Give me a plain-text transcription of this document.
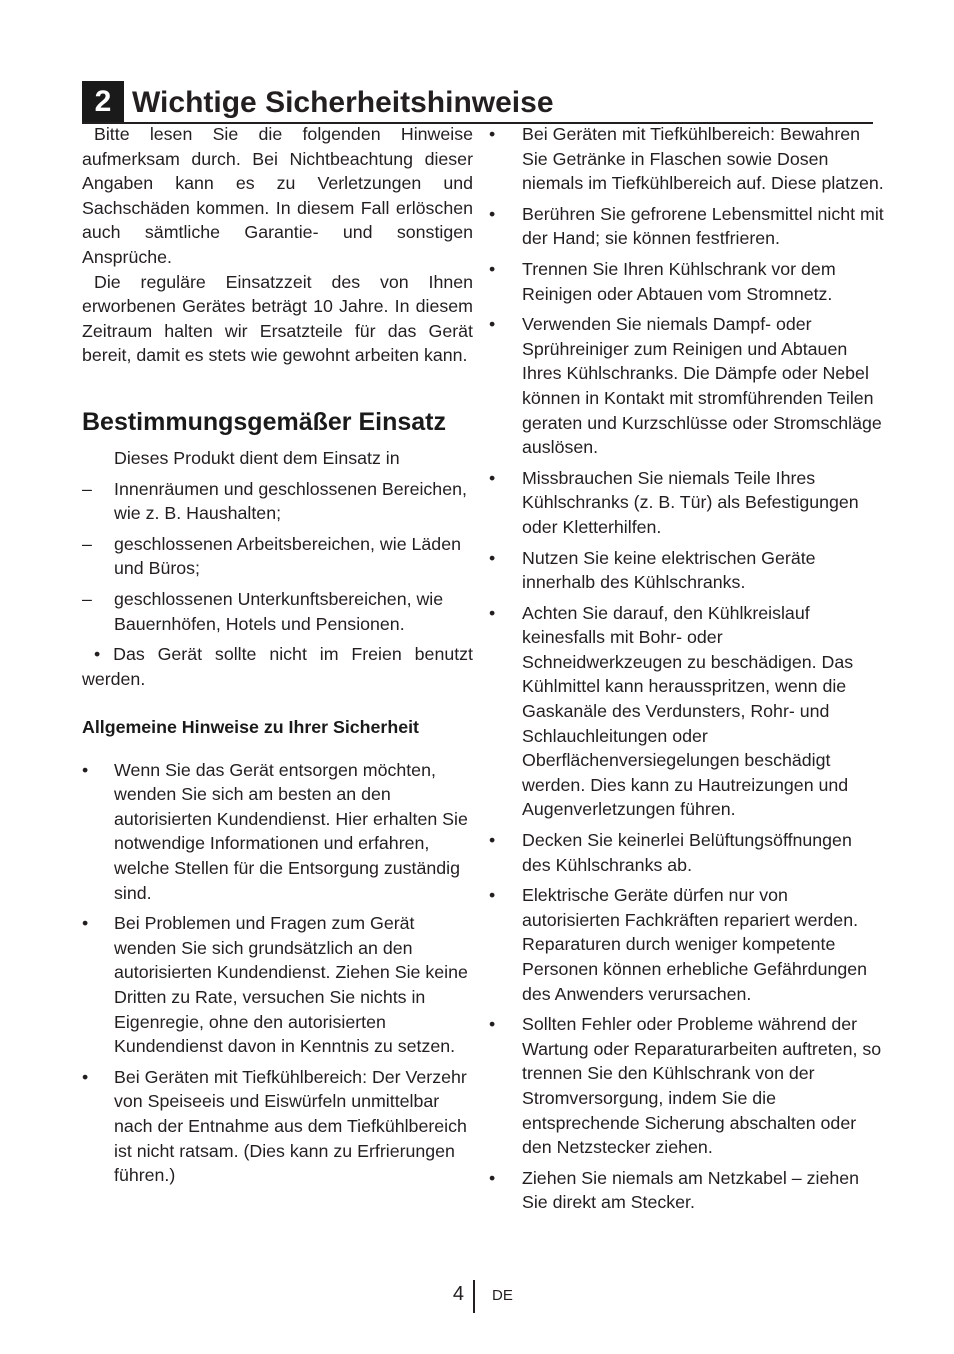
2 Wichtige Sicherheitshinweise

Bitte lesen Sie die folgenden Hinweise aufmerksam durch. Bei Nichtbeachtung dieser Angaben kann es zu Verletzungen und Sachschäden kommen. In diesem Fall erlöschen auch sämtliche Garantie- und sonstigen Ansprüche.

Die reguläre Einsatzzeit des von Ihnen erworbenen Gerätes beträgt 10 Jahre. In diesem Zeitraum halten wir Ersatzteile für das Gerät bereit, damit es stets wie gewohnt arbeiten kann.

Bestimmungsgemäßer Einsatz

Dieses Produkt dient dem Einsatz in

–	Innenräumen und geschlossenen Bereichen, wie z. B. Haushalten;
–	geschlossenen Arbeitsbereichen, wie Läden und Büros;
–	geschlossenen Unterkunftsbereichen, wie Bauernhöfen, Hotels und Pensionen.

• Das Gerät sollte nicht im Freien benutzt werden.

Allgemeine Hinweise zu Ihrer Sicherheit
•	Wenn Sie das Gerät entsorgen möchten, wenden Sie sich am besten an den autorisierten Kundendienst. Hier erhalten Sie notwendige Informationen und erfahren, welche Stellen für die Entsorgung zuständig sind.
•	Bei Problemen und Fragen zum Gerät wenden Sie sich grundsätzlich an den autorisierten Kundendienst. Ziehen Sie keine Dritten zu Rate, versuchen Sie nichts in Eigenregie, ohne den autorisierten Kundendienst davon in Kenntnis zu setzen.
•	Bei Geräten mit Tiefkühlbereich: Der Verzehr von Speiseeis und Eiswürfeln unmittelbar nach der Entnahme aus dem Tiefkühlbereich ist nicht ratsam. (Dies kann zu Erfrierungen führen.)
•	Bei Geräten mit Tiefkühlbereich: Bewahren Sie Getränke in Flaschen sowie Dosen niemals im Tiefkühlbereich auf. Diese platzen.
•	Berühren Sie gefrorene Lebensmittel nicht mit der Hand; sie können festfrieren.
•	Trennen Sie Ihren Kühlschrank vor dem Reinigen oder Abtauen vom Stromnetz.
•	Verwenden Sie niemals Dampf- oder Sprühreiniger zum Reinigen und Abtauen Ihres Kühlschranks. Die Dämpfe oder Nebel können in Kontakt mit stromführenden Teilen geraten und Kurzschlüsse oder Stromschläge auslösen.
•	Missbrauchen Sie niemals Teile Ihres Kühlschranks (z. B. Tür) als Befestigungen oder Kletterhilfen.
•	Nutzen Sie keine elektrischen Geräte innerhalb des Kühlschranks.
•	Achten Sie darauf, den Kühlkreislauf keinesfalls mit Bohr- oder Schneidwerkzeugen zu beschädigen. Das Kühlmittel kann herausspritzen, wenn die Gaskanäle des Verdunsters, Rohr- und Schlauchleitungen oder Oberflächenversiegelungen beschädigt werden. Dies kann zu Hautreizungen und Augenverletzungen führen.
•	Decken Sie keinerlei Belüftungsöffnungen des Kühlschranks ab.
•	Elektrische Geräte dürfen nur von autorisierten Fachkräften repariert werden. Reparaturen durch weniger kompetente Personen können erhebliche Gefährdungen des Anwenders verursachen.
•	Sollten Fehler oder Probleme während der Wartung oder Reparaturarbeiten auftreten, so trennen Sie den Kühlschrank von der Stromversorgung, indem Sie die entsprechende Sicherung abschalten oder den Netzstecker ziehen.
•	Ziehen Sie niemals am Netzkabel – ziehen Sie direkt am Stecker.
4 DE
